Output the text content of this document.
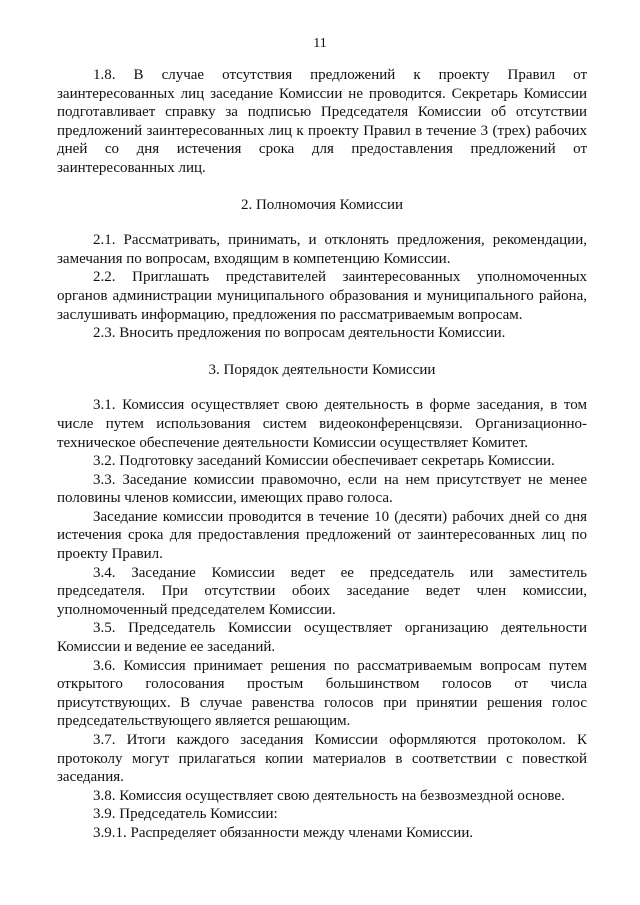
11

1.8. В случае отсутствия предложений к проекту Правил от заинтересованных лиц заседание Комиссии не проводится. Секретарь Комиссии подготавливает справку за подписью Председателя Комиссии об отсутствии предложений заинтересованных лиц к проекту Правил в течение 3 (трех) рабочих дней со дня истечения срока для предоставления предложений от заинтересованных лиц.

2. Полномочия Комиссии

2.1. Рассматривать, принимать, и отклонять предложения, рекомендации, замечания по вопросам, входящим в компетенцию Комиссии.

2.2. Приглашать представителей заинтересованных уполномоченных органов администрации муниципального образования и муниципального района, заслушивать информацию, предложения по рассматриваемым вопросам.

2.3. Вносить предложения по вопросам деятельности Комиссии.

3. Порядок деятельности Комиссии

3.1. Комиссия осуществляет свою деятельность в форме заседания, в том числе путем использования систем видеоконференцсвязи. Организационно-техническое обеспечение деятельности Комиссии осуществляет Комитет.

3.2. Подготовку заседаний Комиссии обеспечивает секретарь Комиссии.

3.3. Заседание комиссии правомочно, если на нем присутствует не менее половины членов комиссии, имеющих право голоса.

Заседание комиссии проводится в течение 10 (десяти) рабочих дней со дня истечения срока для предоставления предложений от заинтересованных лиц по проекту Правил.

3.4. Заседание Комиссии ведет ее председатель или заместитель председателя. При отсутствии обоих заседание ведет член комиссии, уполномоченный председателем Комиссии.

3.5. Председатель Комиссии осуществляет организацию деятельности Комиссии и ведение ее заседаний.

3.6. Комиссия принимает решения по рассматриваемым вопросам путем открытого голосования простым большинством голосов от числа присутствующих. В случае равенства голосов при принятии решения голос председательствующего является решающим.

3.7. Итоги каждого заседания Комиссии оформляются протоколом. К протоколу могут прилагаться копии материалов в соответствии с повесткой заседания.

3.8. Комиссия осуществляет свою деятельность на безвозмездной основе.

3.9. Председатель Комиссии:

3.9.1. Распределяет обязанности между членами Комиссии.
